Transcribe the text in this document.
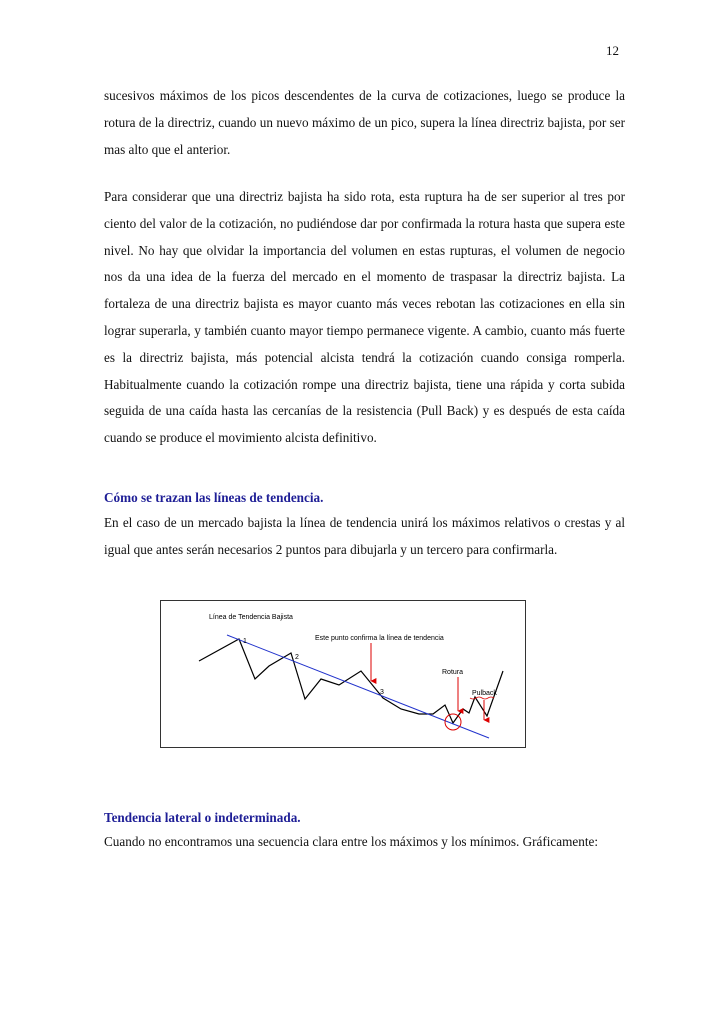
12

sucesivos máximos de los picos descendentes de la curva de cotizaciones, luego se produce la rotura de la directriz, cuando un nuevo máximo de un pico, supera la línea directriz bajista, por ser mas alto que el anterior.

Para considerar que una directriz bajista ha sido rota, esta ruptura ha de ser superior al tres por ciento del valor de la cotización, no pudiéndose dar por confirmada la rotura hasta que supera este nivel. No hay que olvidar la importancia del volumen en estas rupturas, el volumen de negocio nos da una idea de la fuerza del mercado en el momento de traspasar la directriz bajista. La fortaleza de una directriz bajista es mayor cuanto más veces rebotan las cotizaciones en ella sin lograr superarla, y también cuanto mayor tiempo permanece vigente. A cambio, cuanto más fuerte es la directriz bajista, más potencial alcista tendrá la cotización cuando consiga romperla. Habitualmente cuando la cotización rompe una directriz bajista, tiene una rápida y corta subida seguida de una caída hasta las cercanías de la resistencia (Pull Back) y es después de esta caída cuando se produce el movimiento alcista definitivo.

Cómo se trazan las líneas de tendencia.

En el caso de un mercado bajista la línea de tendencia unirá los máximos relativos o crestas y al igual que antes serán necesarios 2 puntos para dibujarla y un tercero para confirmarla.

Línea de Tendencia Bajista
1
2
3
Este punto confirma la línea de tendencia
Rotura
Pulback
Tendencia lateral o indeterminada.

Cuando no encontramos una secuencia clara entre los máximos y los mínimos. Gráficamente:
